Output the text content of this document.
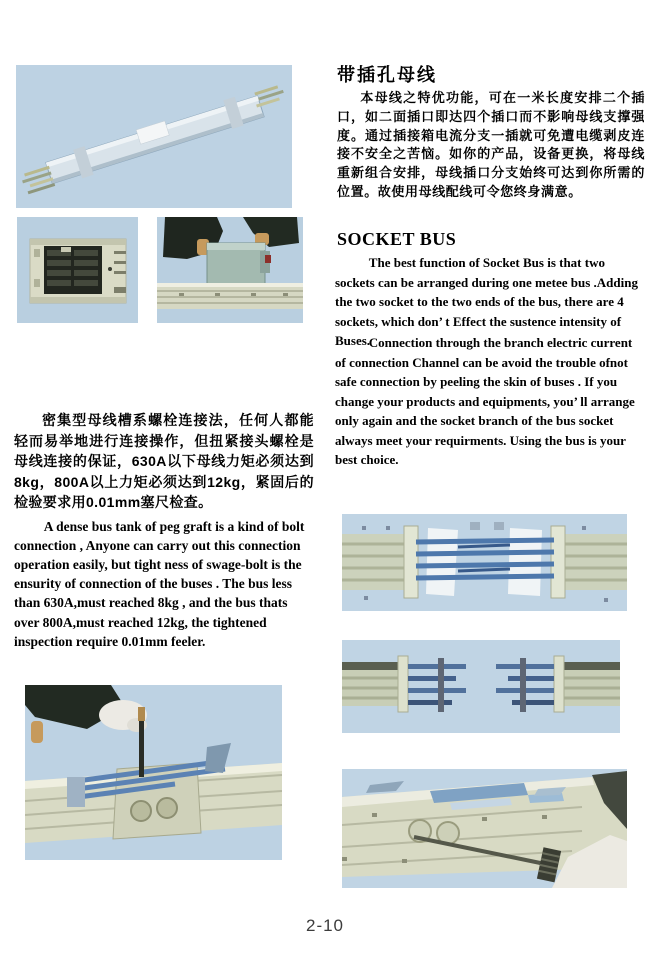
密集型母线槽系螺栓连接法，任何人都能轻而易举地进行连接操作，但扭紧接头螺栓是母线连接的保证，630A以下母线力矩必须达到8kg，800A以上力矩必须达到12kg，紧固后的检验要求用0.01mm塞尺检查。

A dense bus tank of peg graft is a kind of bolt connection , Anyone can carry out this connection operation easily, but tight ness of swage-bolt is the ensurity of connection of the buses . The bus less than 630A,must reached 8kg , and the bus thats over 800A,must reached 12kg, the tightened inspection require 0.01mm feeler.

带插孔母线

本母线之特优功能，可在一米长度安排二个插口，如二面插口即达四个插口而不影响母线支撑强度。通过插接箱电流分支一插就可免遭电缆剥皮连接不安全之苦恼。如你的产品，设备更换，将母线重新组合安排，母线插口分支始终可达到你所需的位置。故使用母线配线可令您终身满意。

SOCKET BUS

The best function of Socket Bus is that two sockets can be arranged during one metee bus .Adding the two socket to the two ends of the bus, there are 4 sockets, which don’ t Effect the sustence intensity of Buses.

Connection through the branch electric current of connection Channel can be avoid the trouble ofnot safe connection by peeling the skin of buses . If you change your products and equipments, you’ ll arrange only again and the socket branch of the bus socket always meet your requirments. Using the bus is your best choice.

2-10
